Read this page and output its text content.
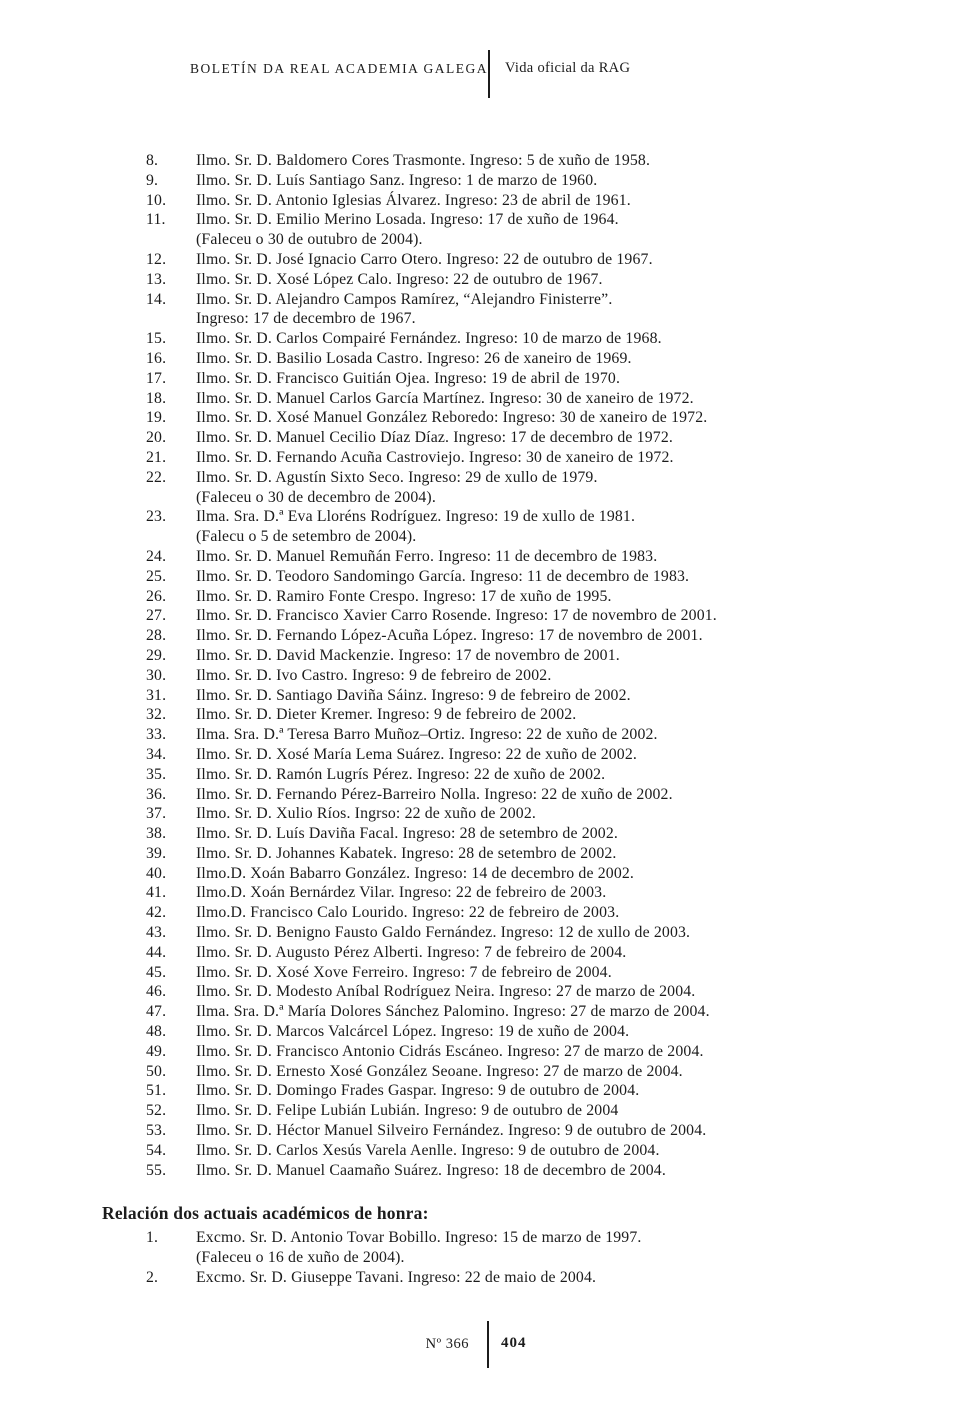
BOLETÍN DA REAL ACADEMIA GALEGA Vida oficial da RAG
8.	Ilmo. Sr. D. Baldomero Cores Trasmonte. Ingreso: 5 de xuño de 1958.
9.	Ilmo. Sr. D. Luís Santiago Sanz. Ingreso: 1 de marzo de 1960.
10.	Ilmo. Sr. D. Antonio Iglesias Álvarez. Ingreso: 23 de abril de 1961.
11.	Ilmo. Sr. D. Emilio Merino Losada. Ingreso: 17 de xuño de 1964.
(Faleceu o 30 de outubro de 2004).
12.	Ilmo. Sr. D. José Ignacio Carro Otero. Ingreso: 22 de outubro de 1967.
13.	Ilmo. Sr. D. Xosé López Calo. Ingreso: 22 de outubro de 1967.
14.	Ilmo. Sr. D. Alejandro Campos Ramírez, “Alejandro Finisterre”.
Ingreso: 17 de decembro de 1967.
15.	Ilmo. Sr. D. Carlos Compairé Fernández. Ingreso: 10 de marzo de 1968.
16.	Ilmo. Sr. D. Basilio Losada Castro. Ingreso: 26 de xaneiro de 1969.
17.	Ilmo. Sr. D. Francisco Guitián Ojea. Ingreso: 19 de abril de 1970.
18.	Ilmo. Sr. D. Manuel Carlos García Martínez. Ingreso: 30 de xaneiro de 1972.
19.	Ilmo. Sr. D. Xosé Manuel González Reboredo: Ingreso: 30 de xaneiro de 1972.
20.	Ilmo. Sr. D. Manuel Cecilio Díaz Díaz. Ingreso: 17 de decembro de 1972.
21.	Ilmo. Sr. D. Fernando Acuña Castroviejo. Ingreso: 30 de xaneiro de 1972.
22.	Ilmo. Sr. D. Agustín Sixto Seco. Ingreso: 29 de xullo de 1979.
(Faleceu o 30 de decembro de 2004).
23.	Ilma. Sra. D.ª Eva Lloréns Rodríguez. Ingreso: 19 de xullo de 1981.
(Falecu o 5 de setembro de 2004).
24.	Ilmo. Sr. D. Manuel Remuñán Ferro. Ingreso: 11 de decembro de 1983.
25.	Ilmo. Sr. D. Teodoro Sandomingo García. Ingreso: 11 de decembro de 1983.
26.	Ilmo. Sr. D. Ramiro Fonte Crespo. Ingreso: 17 de xuño de 1995.
27.	Ilmo. Sr. D. Francisco Xavier Carro Rosende. Ingreso: 17 de novembro de 2001.
28.	Ilmo. Sr. D. Fernando López-Acuña López. Ingreso: 17 de novembro de 2001.
29.	Ilmo. Sr. D. David Mackenzie. Ingreso: 17 de novembro de 2001.
30.	Ilmo. Sr. D. Ivo Castro. Ingreso: 9 de febreiro de 2002.
31.	Ilmo. Sr. D. Santiago Daviña Sáinz. Ingreso: 9 de febreiro de 2002.
32.	Ilmo. Sr. D. Dieter Kremer. Ingreso: 9 de febreiro de 2002.
33.	Ilma. Sra. D.ª Teresa Barro Muñoz–Ortiz. Ingreso: 22 de xuño de 2002.
34.	Ilmo. Sr. D. Xosé María Lema Suárez. Ingreso: 22 de xuño de 2002.
35.	Ilmo. Sr. D. Ramón Lugrís Pérez. Ingreso: 22 de xuño de 2002.
36.	Ilmo. Sr. D. Fernando Pérez-Barreiro Nolla. Ingreso: 22 de xuño de 2002.
37.	Ilmo. Sr. D. Xulio Ríos. Ingrso: 22 de xuño de 2002.
38.	Ilmo. Sr. D. Luís Daviña Facal. Ingreso: 28 de setembro de 2002.
39.	Ilmo. Sr. D. Johannes Kabatek. Ingreso: 28 de setembro de 2002.
40.	Ilmo.D. Xoán Babarro González. Ingreso: 14 de decembro de 2002.
41.	Ilmo.D. Xoán Bernárdez Vilar. Ingreso: 22 de febreiro de 2003.
42.	Ilmo.D. Francisco Calo Lourido. Ingreso: 22 de febreiro de 2003.
43.	Ilmo. Sr. D. Benigno Fausto Galdo Fernández. Ingreso: 12 de xullo de 2003.
44.	Ilmo. Sr. D. Augusto Pérez Alberti. Ingreso: 7 de febreiro de 2004.
45.	Ilmo. Sr. D. Xosé Xove Ferreiro. Ingreso: 7 de febreiro de 2004.
46.	Ilmo. Sr. D. Modesto Aníbal Rodríguez Neira. Ingreso: 27 de marzo de 2004.
47.	Ilma. Sra. D.ª María Dolores Sánchez Palomino. Ingreso: 27 de marzo de 2004.
48.	Ilmo. Sr. D. Marcos Valcárcel López. Ingreso: 19 de xuño de 2004.
49.	Ilmo. Sr. D. Francisco Antonio Cidrás Escáneo. Ingreso: 27 de marzo de 2004.
50.	Ilmo. Sr. D. Ernesto Xosé González Seoane. Ingreso: 27 de marzo de 2004.
51.	Ilmo. Sr. D. Domingo Frades Gaspar. Ingreso: 9 de outubro de 2004.
52.	Ilmo. Sr. D. Felipe Lubián Lubián. Ingreso: 9 de outubro de 2004
53.	Ilmo. Sr. D. Héctor Manuel Silveiro Fernández. Ingreso: 9 de outubro de 2004.
54.	Ilmo. Sr. D. Carlos Xesús Varela Aenlle. Ingreso: 9 de outubro de 2004.
55.	Ilmo. Sr. D. Manuel Caamaño Suárez. Ingreso: 18 de decembro de 2004.
Relación dos actuais académicos de honra:
1.	Excmo. Sr. D. Antonio Tovar Bobillo. Ingreso: 15 de marzo de 1997.
(Faleceu o 16 de xuño de 2004).
2.	Excmo. Sr. D. Giuseppe Tavani. Ingreso: 22 de maio de 2004.
Nº 366 404
